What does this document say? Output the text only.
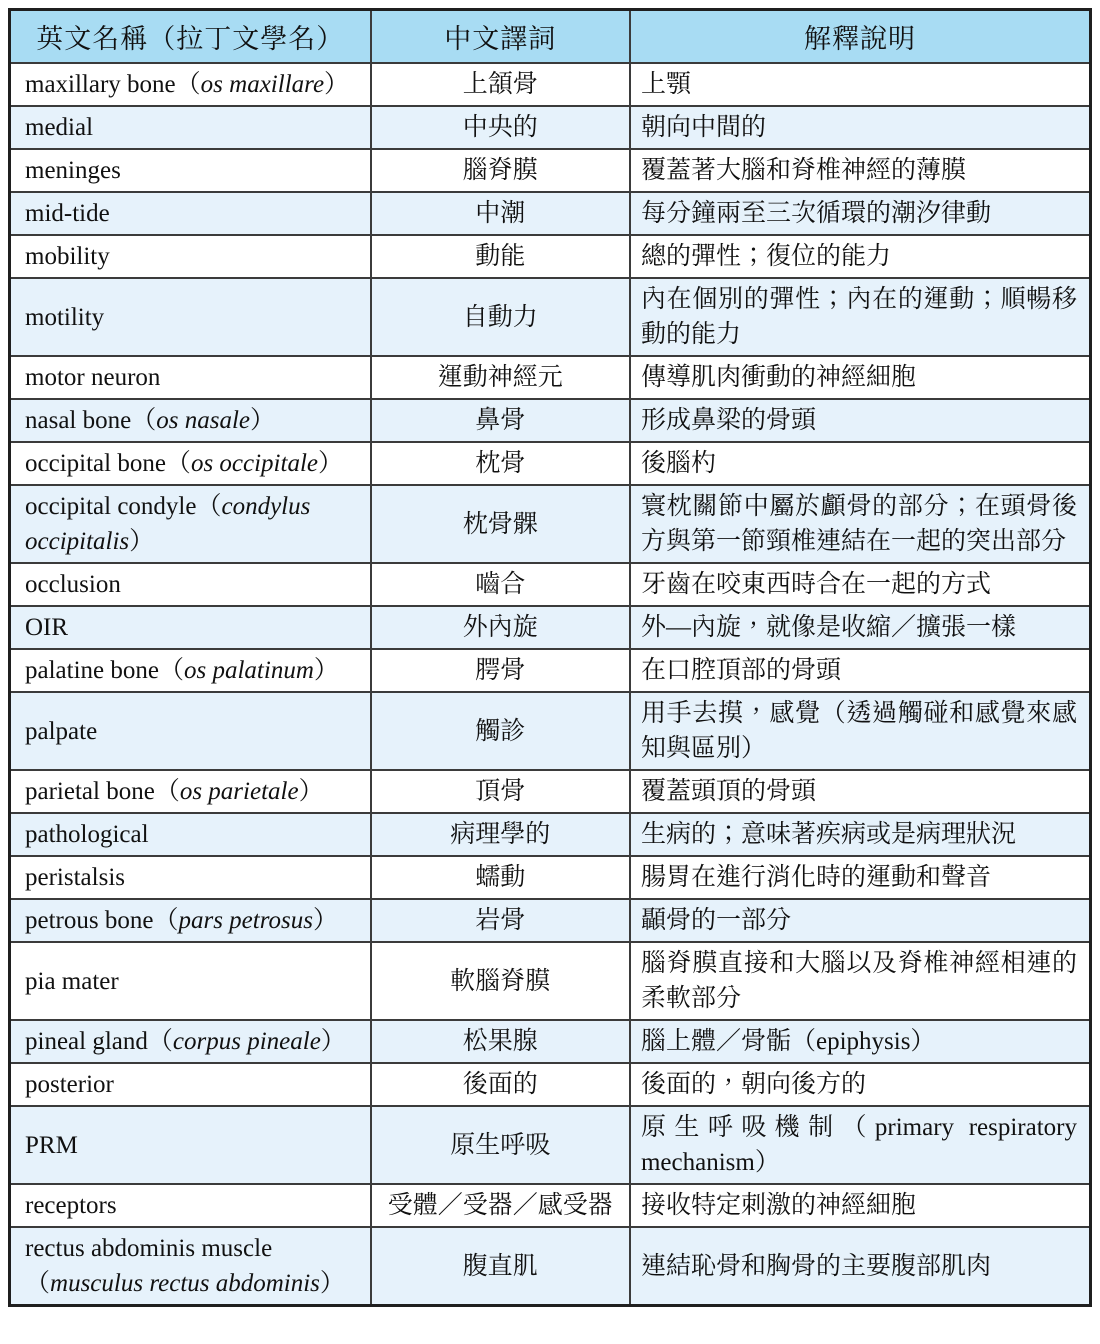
英文名稱（拉丁文學名）	中文譯詞	解釋說明
maxillary bone（os maxillare）	上頷骨	上顎
medial	中央的	朝向中間的
meninges	腦脊膜	覆蓋著大腦和脊椎神經的薄膜
mid-tide	中潮	每分鐘兩至三次循環的潮汐律動
mobility	動能	總的彈性；復位的能力
motility	自動力	內在個別的彈性；內在的運動；順暢移動的能力
motor neuron	運動神經元	傳導肌肉衝動的神經細胞
nasal bone（os nasale）	鼻骨	形成鼻梁的骨頭
occipital bone（os occipitale）	枕骨	後腦杓
occipital condyle（condylus occipitalis）	枕骨髁	寰枕關節中屬於顱骨的部分；在頭骨後方與第一節頸椎連結在一起的突出部分
occlusion	嚙合	牙齒在咬東西時合在一起的方式
OIR	外內旋	外—內旋，就像是收縮／擴張一樣
palatine bone（os palatinum）	腭骨	在口腔頂部的骨頭
palpate	觸診	用手去摸，感覺（透過觸碰和感覺來感知與區別）
parietal bone（os parietale）	頂骨	覆蓋頭頂的骨頭
pathological	病理學的	生病的；意味著疾病或是病理狀況
peristalsis	蠕動	腸胃在進行消化時的運動和聲音
petrous bone（pars petrosus）	岩骨	顳骨的一部分
pia mater	軟腦脊膜	腦脊膜直接和大腦以及脊椎神經相連的柔軟部分
pineal gland（corpus pineale）	松果腺	腦上體／骨骺（epiphysis）
posterior	後面的	後面的，朝向後方的
PRM	原生呼吸	原生呼吸機制（primary respiratory mechanism）
receptors	受體／受器／感受器	接收特定刺激的神經細胞
rectus abdominis muscle（musculus rectus abdominis）	腹直肌	連結恥骨和胸骨的主要腹部肌肉
